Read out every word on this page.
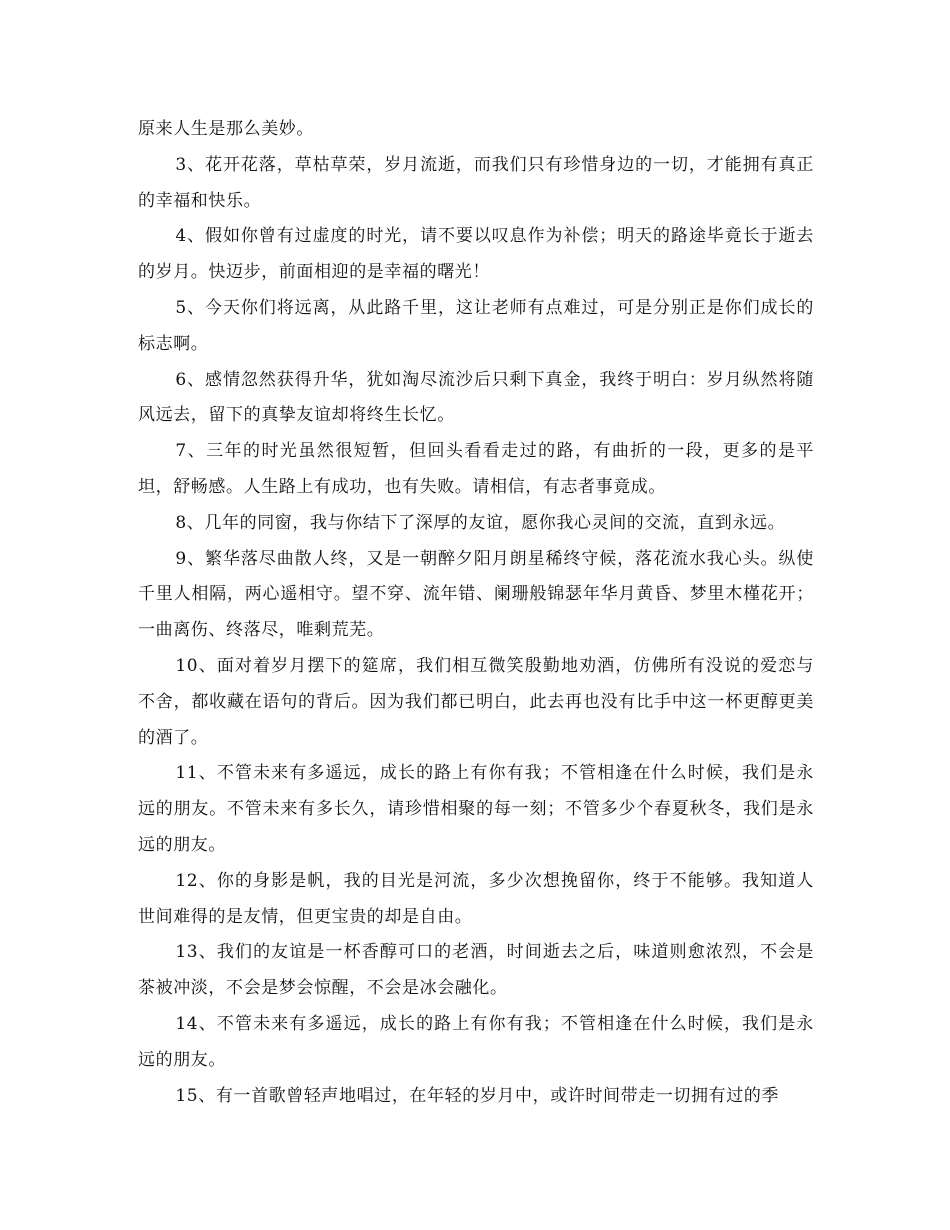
原来人生是那么美妙。

3、花开花落，草枯草荣，岁月流逝，而我们只有珍惜身边的一切，才能拥有真正的幸福和快乐。

4、假如你曾有过虚度的时光，请不要以叹息作为补偿；明天的路途毕竟长于逝去的岁月。快迈步，前面相迎的是幸福的曙光！

5、今天你们将远离，从此路千里，这让老师有点难过，可是分别正是你们成长的标志啊。

6、感情忽然获得升华，犹如淘尽流沙后只剩下真金，我终于明白：岁月纵然将随风远去，留下的真挚友谊却将终生长忆。

7、三年的时光虽然很短暂，但回头看看走过的路，有曲折的一段，更多的是平坦，舒畅感。人生路上有成功，也有失败。请相信，有志者事竟成。

8、几年的同窗，我与你结下了深厚的友谊，愿你我心灵间的交流，直到永远。

9、繁华落尽曲散人终，又是一朝醉夕阳月朗星稀终守候，落花流水我心头。纵使千里人相隔，两心遥相守。望不穿、流年错、阑珊般锦瑟年华月黄昏、梦里木槿花开；一曲离伤、终落尽，唯剩荒芜。

10、面对着岁月摆下的筵席，我们相互微笑殷勤地劝酒，仿佛所有没说的爱恋与不舍，都收藏在语句的背后。因为我们都已明白，此去再也没有比手中这一杯更醇更美的酒了。

11、不管未来有多遥远，成长的路上有你有我；不管相逢在什么时候，我们是永远的朋友。不管未来有多长久，请珍惜相聚的每一刻；不管多少个春夏秋冬，我们是永远的朋友。

12、你的身影是帆，我的目光是河流，多少次想挽留你，终于不能够。我知道人世间难得的是友情，但更宝贵的却是自由。

13、我们的友谊是一杯香醇可口的老酒，时间逝去之后，味道则愈浓烈，不会是茶被冲淡，不会是梦会惊醒，不会是冰会融化。

14、不管未来有多遥远，成长的路上有你有我；不管相逢在什么时候，我们是永远的朋友。

15、有一首歌曾轻声地唱过，在年轻的岁月中，或许时间带走一切拥有过的季
